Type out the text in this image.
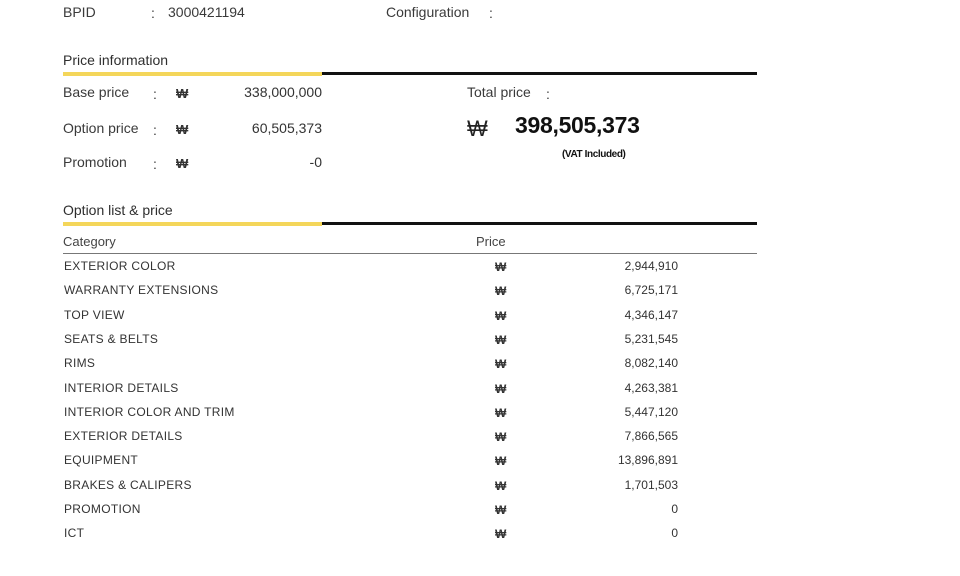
BPID	: 3000421194	Configuration :
Price information
Base price : ₩	338,000,000
Option price : ₩	60,505,373
Promotion : ₩	-0
Total price :
₩ 398,505,373
(VAT Included)
Option list & price
Category	Price
EXTERIOR COLOR	₩	2,944,910
WARRANTY EXTENSIONS	₩	6,725,171
TOP VIEW	₩	4,346,147
SEATS & BELTS	₩	5,231,545
RIMS	₩	8,082,140
INTERIOR DETAILS	₩	4,263,381
INTERIOR COLOR AND TRIM	₩	5,447,120
EXTERIOR DETAILS	₩	7,866,565
EQUIPMENT	₩	13,896,891
BRAKES & CALIPERS	₩	1,701,503
PROMOTION	₩	0
ICT	₩	0
